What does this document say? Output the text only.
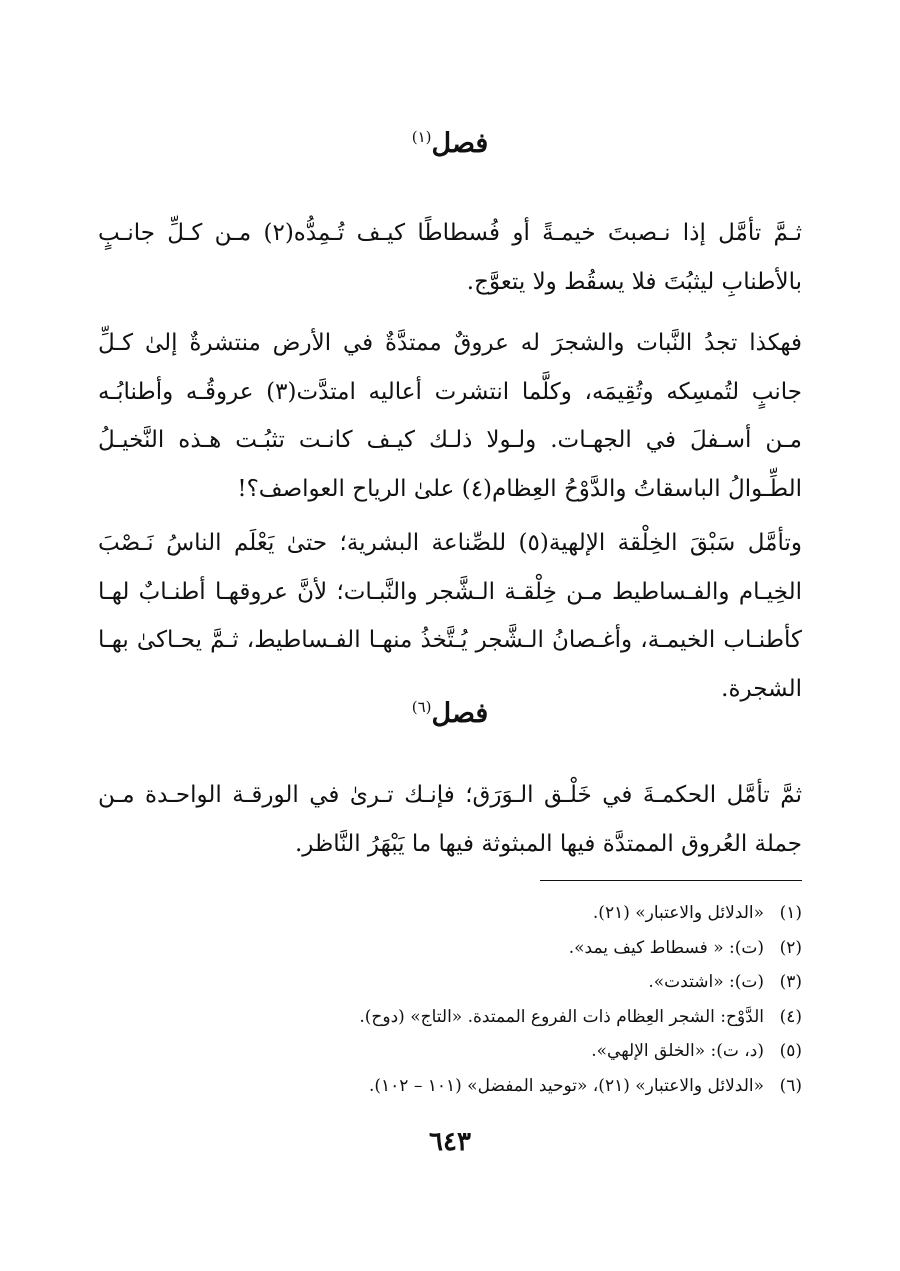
فصل$^{(١)}$

ثـمَّ تأمَّل إذا نـصبتَ خيمـةً أو فُسطاطًا كيـف تُـمِدُّه(٢) مـن كـلِّ جانـبٍ بالأطنابِ ليثبُتَ فلا يسقُط ولا يتعوَّج.

فهكذا تجدُ النَّبات والشجرَ له عروقٌ ممتدَّةٌ في الأرض منتشرةٌ إلىٰ كـلِّ جانبٍ لتُمسِكه وتُقِيمَه، وكلَّما انتشرت أعاليه امتدَّت(٣) عروقُـه وأطنابُـه مـن أسـفلَ في الجهـات. ولـولا ذلـك كيـف كانـت تثبُـت هـذه النَّخيـلُ الطِّـوالُ الباسقاتُ والدَّوْحُ العِظام(٤) علىٰ الرياح العواصف؟!

وتأمَّل سَبْقَ الخِلْقة الإلهية(٥) للصِّناعة البشرية؛ حتىٰ يَعْلَم الناسُ نَـصْبَ الخِيـام والفـساطيط مـن خِلْقـة الـشَّجر والنَّبـات؛ لأنَّ عروقهـا أطنـابٌ لهـا كأطنـاب الخيمـة، وأغـصانُ الـشَّجر يُـتَّخذُ منهـا الفـساطيط، ثـمَّ يحـاكىٰ بهـا الشجرة.

فصل$^{(٦)}$

ثمَّ تأمَّل الحكمـةَ في خَلْـق الـوَرَق؛ فإنـك تـرىٰ في الورقـة الواحـدة مـن جملة العُروق الممتدَّة فيها المبثوثة فيها ما يَبْهَرُ النَّاظر.

(١)«الدلائل والاعتبار» (٢١).
(٢)(ت): « فسطاط كيف يمد».
(٣)(ت): «اشتدت».
(٤)الدَّوْح: الشجر العِظام ذات الفروع الممتدة. «التاج» (دوح).
(٥)(د، ت): «الخلق الإلهي».
(٦)«الدلائل والاعتبار» (٢١)، «توحيد المفضل» (١٠١ – ١٠٢).
٦٤٣
